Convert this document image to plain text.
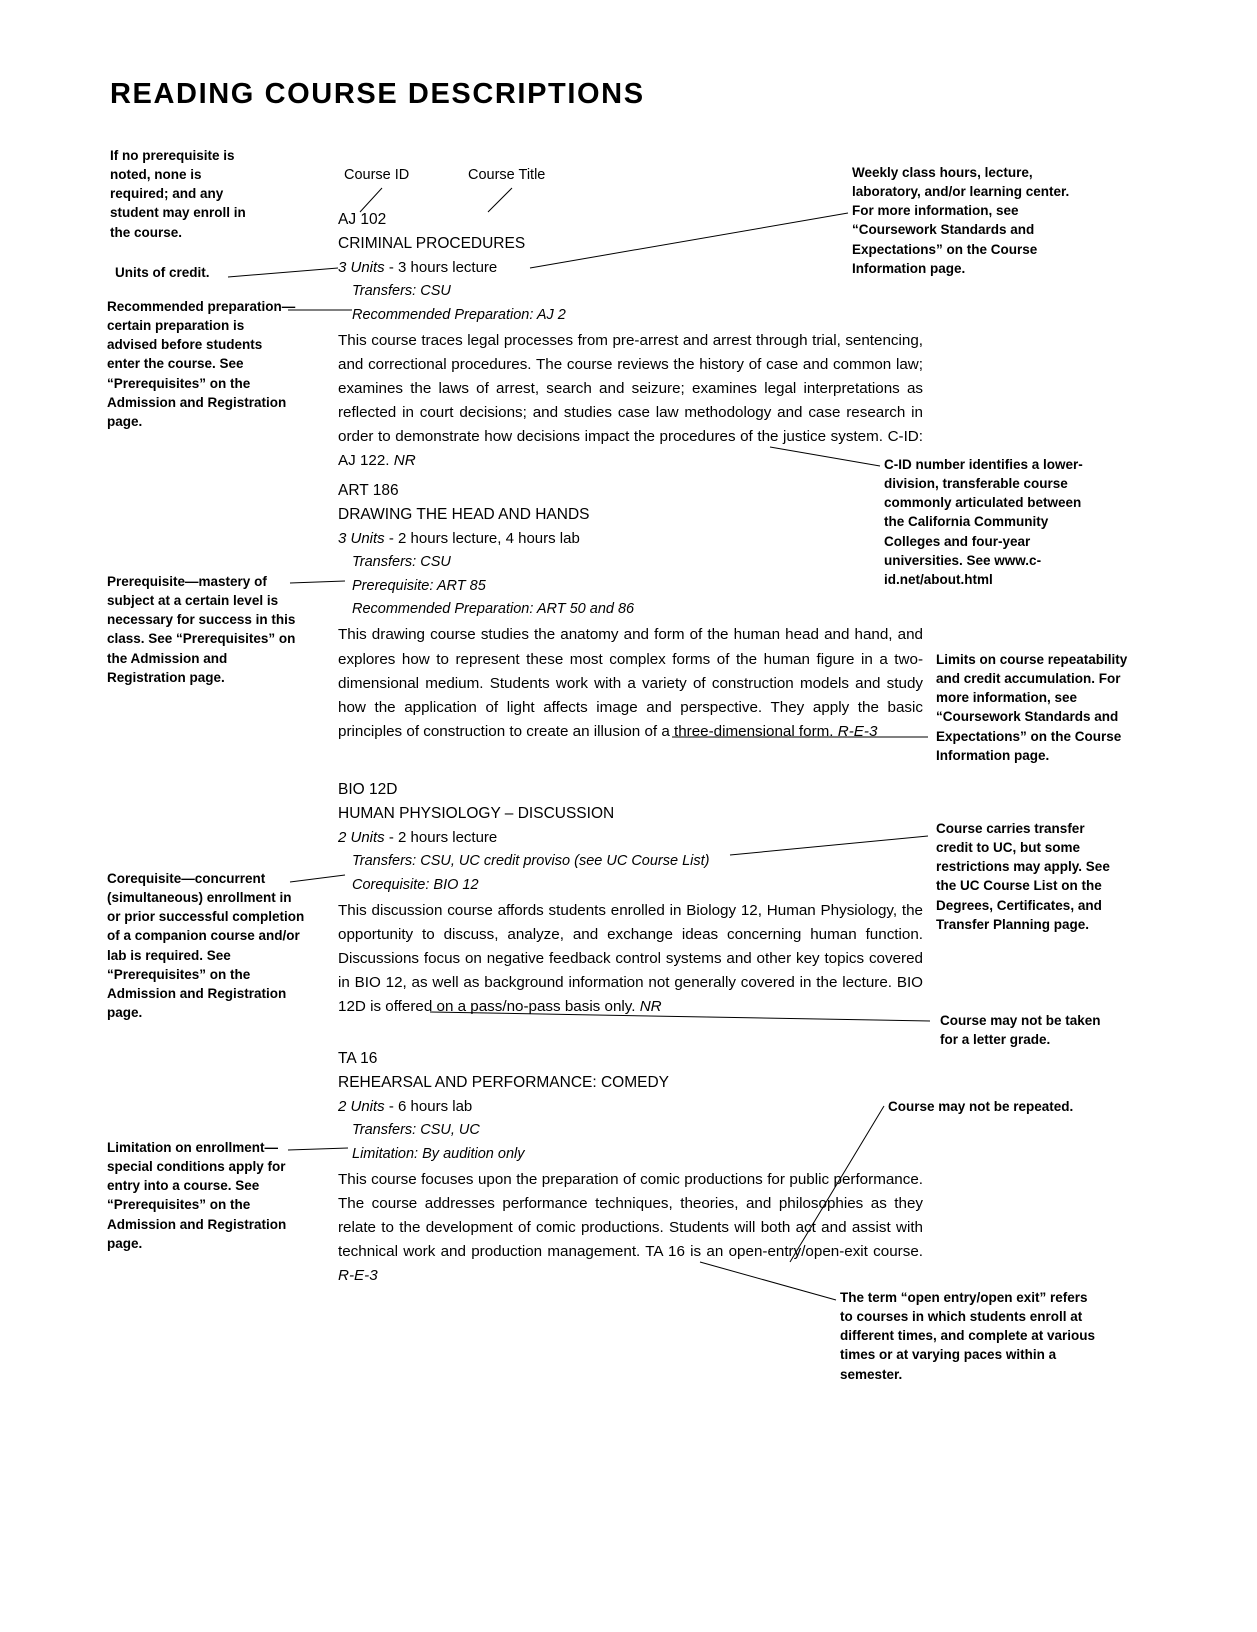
READING COURSE DESCRIPTIONS
If no prerequisite is noted, none is required; and any student may enroll in the course.
Units of credit.
Recommended preparation—certain preparation is advised before students enter the course. See “Prerequisites” on the Admission and Registration page.
Prerequisite—mastery of subject at a certain level is necessary for success in this class. See “Prerequisites” on the Admission and Registration page.
Corequisite—concurrent (simultaneous) enrollment in or prior successful completion of a companion course and/or lab is required. See “Prerequisites” on the Admission and Registration page.
Limitation on enrollment—special conditions apply for entry into a course. See “Prerequisites” on the Admission and Registration page.
Weekly class hours, lecture, laboratory, and/or learning center. For more information, see “Coursework Standards and Expectations” on the Course Information page.
C-ID number identifies a lower-division, transferable course commonly articulated between the California Community Colleges and four-year universities. See www.c-id.net/about.html
Limits on course repeatability and credit accumulation. For more information, see “Coursework Standards and Expectations” on the Course Information page.
Course carries transfer credit to UC, but some restrictions may apply. See the UC Course List on the Degrees, Certificates, and Transfer Planning page.
Course may not be taken for a letter grade.
Course may not be repeated.
The term “open entry/open exit” refers to courses in which students enroll at different times, and complete at various times or at varying paces within a semester.
Course ID	Course Title
AJ 102
CRIMINAL PROCEDURES
3 Units - 3 hours lecture
Transfers: CSU
Recommended Preparation: AJ 2
This course traces legal processes from pre-arrest and arrest through trial, sentencing, and correctional procedures. The course reviews the history of case and common law; examines the laws of arrest, search and seizure; examines legal interpretations as reflected in court decisions; and studies case law methodology and case research in order to demonstrate how decisions impact the procedures of the justice system. C-ID: AJ 122. NR
ART 186
DRAWING THE HEAD AND HANDS
3 Units - 2 hours lecture, 4 hours lab
Transfers: CSU
Prerequisite: ART 85
Recommended Preparation: ART 50 and 86
This drawing course studies the anatomy and form of the human head and hand, and explores how to represent these most complex forms of the human figure in a two-dimensional medium. Students work with a variety of construction models and study how the application of light affects image and perspective. They apply the basic principles of construction to create an illusion of a three-dimensional form. R-E-3
BIO 12D
HUMAN PHYSIOLOGY – DISCUSSION
2 Units - 2 hours lecture
Transfers: CSU, UC credit proviso (see UC Course List)
Corequisite: BIO 12
This discussion course affords students enrolled in Biology 12, Human Physiology, the opportunity to discuss, analyze, and exchange ideas concerning human function. Discussions focus on negative feedback control systems and other key topics covered in BIO 12, as well as background information not generally covered in the lecture. BIO 12D is offered on a pass/no-pass basis only. NR
TA 16
REHEARSAL AND PERFORMANCE: COMEDY
2 Units - 6 hours lab
Transfers: CSU, UC
Limitation: By audition only
This course focuses upon the preparation of comic productions for public performance. The course addresses performance techniques, theories, and philosophies as they relate to the development of comic productions. Students will both act and assist with technical work and production management. TA 16 is an open-entry/open-exit course. R-E-3
